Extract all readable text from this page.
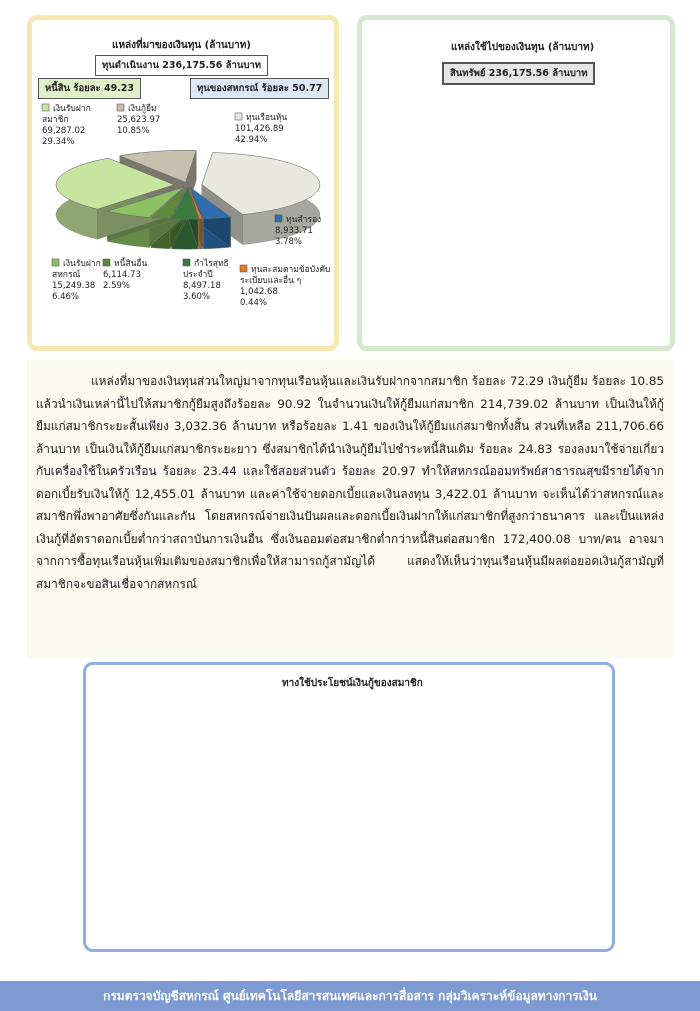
แหล่งที่มาของเงินทุน (ล้านบาท)
ทุนดำเนินงาน 236,175.56 ล้านบาท
หนี้สิน ร้อยละ 49.23	ทุนของสหกรณ์ ร้อยละ 50.77
ทุนเรือนหุ้น
101,426.89
42.94%
ทุนสำรอง
8,933.71
3.78%
ทุนสะสมตามข้อบังคับ
ระเบียบและอื่น ๆ
1,042.68
0.44%
กำไรสุทธิ
ประจำปี
8,497.18
3.60%
หนี้สินอื่น
6,114.73
2.59%
เงินรับฝาก
สหกรณ์
15,249.38
6.46%
เงินรับฝาก
สมาชิก
69,287.02
29.34%
เงินกู้ยืม
25,623.97
10.85%
แหล่งใช้ไปของเงินทุน (ล้านบาท)
สินทรัพย์ 236,175.56 ล้านบาท

แหล่งที่มาของเงินทุนส่วนใหญ่มาจากทุนเรือนหุ้นและเงินรับฝากจากสมาชิก ร้อยละ 72.29 เงินกู้ยืม ร้อยละ 10.85 แล้วนำเงินเหล่านี้ไปให้สมาชิกกู้ยืมสูงถึงร้อยละ 90.92 ในจำนวนเงินให้กู้ยืมแก่สมาชิก 214,739.02 ล้านบาท เป็นเงินให้กู้ยืมแก่สมาชิกระยะสั้นเพียง 3,032.36 ล้านบาท หรือร้อยละ 1.41 ของเงินให้กู้ยืมแก่สมาชิกทั้งสิ้น ส่วนที่เหลือ 211,706.66 ล้านบาท เป็นเงินให้กู้ยืมแก่สมาชิกระยะยาว ซึ่งสมาชิกได้นำเงินกู้ยืมไปชำระหนี้สินเดิม ร้อยละ 24.83 รองลงมาใช้จ่ายเกี่ยวกับเครื่องใช้ในครัวเรือน ร้อยละ 23.44 และใช้สอยส่วนตัว ร้อยละ 20.97 ทำให้สหกรณ์ออมทรัพย์สาธารณสุขมีรายได้จากดอกเบี้ยรับเงินให้กู้ 12,455.01 ล้านบาท และค่าใช้จ่ายดอกเบี้ยและเงินลงทุน 3,422.01 ล้านบาท จะเห็นได้ว่าสหกรณ์และสมาชิกพึ่งพาอาศัยซึ่งกันและกัน โดยสหกรณ์จ่ายเงินปันผลและดอกเบี้ยเงินฝากให้แก่สมาชิกที่สูงกว่าธนาคาร และเป็นแหล่งเงินกู้ที่อัตราดอกเบี้ยต่ำกว่าสถาบันการเงินอื่น ซึ่งเงินออมต่อสมาชิกต่ำกว่าหนี้สินต่อสมาชิก 172,400.08 บาท/คน อาจมาจากการซื้อทุนเรือนหุ้นเพิ่มเติมของสมาชิกเพื่อให้สามารถกู้สามัญได้ แสดงให้เห็นว่าทุนเรือนหุ้นมีผลต่อยอดเงินกู้สามัญที่สมาชิกจะขอสินเชื่อจากสหกรณ์

ทางใช้ประโยชน์เงินกู้ของสมาชิก
กรมตรวจบัญชีสหกรณ์ ศูนย์เทคโนโลยีสารสนเทศและการสื่อสาร กลุ่มวิเคราะห์ข้อมูลทางการเงิน
